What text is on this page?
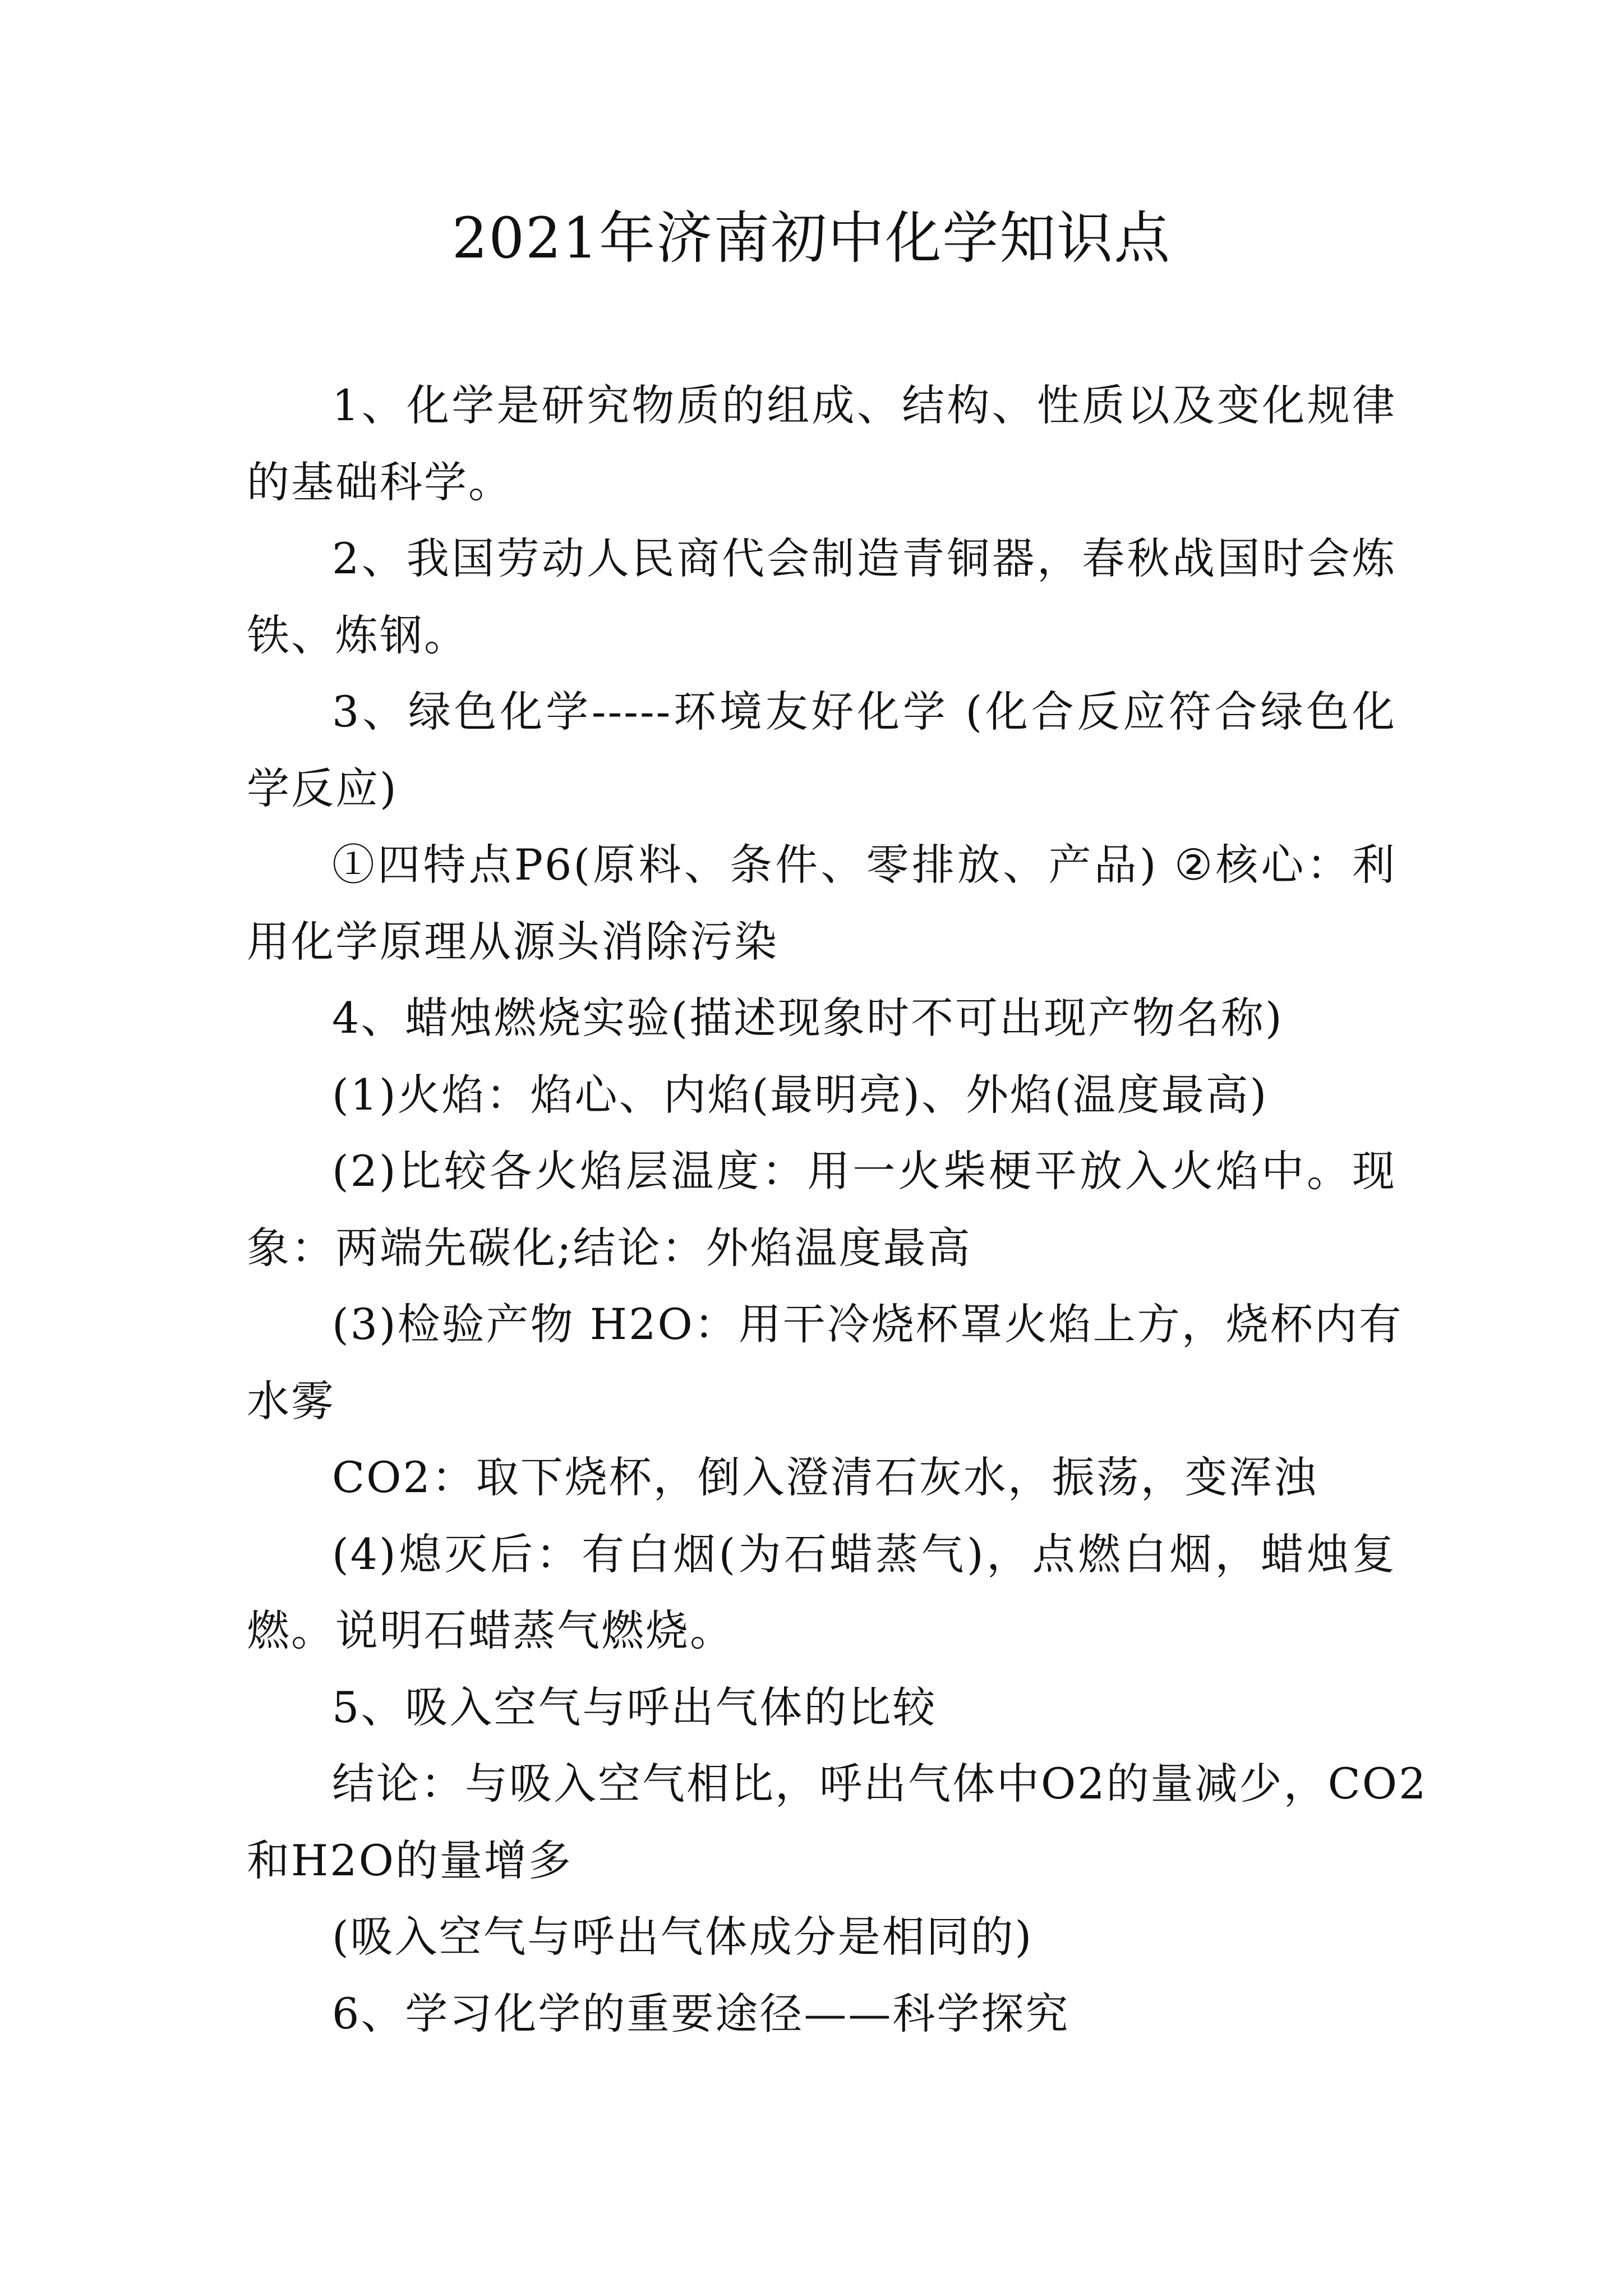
2021年济南初中化学知识点
1、化学是研究物质的组成、结构、性质以及变化规律
的基础科学。
2、我国劳动人民商代会制造青铜器，春秋战国时会炼
铁、炼钢。
3、绿色化学-----环境友好化学 (化合反应符合绿色化
学反应)
①四特点P6(原料、条件、零排放、产品) ②核心：利
用化学原理从源头消除污染
4、蜡烛燃烧实验(描述现象时不可出现产物名称)
(1)火焰：焰心、内焰(最明亮)、外焰(温度最高)
(2)比较各火焰层温度：用一火柴梗平放入火焰中。现
象：两端先碳化;结论：外焰温度最高
(3)检验产物 H2O：用干冷烧杯罩火焰上方，烧杯内有
水雾
CO2：取下烧杯，倒入澄清石灰水，振荡，变浑浊
(4)熄灭后：有白烟(为石蜡蒸气)，点燃白烟，蜡烛复
燃。说明石蜡蒸气燃烧。
5、吸入空气与呼出气体的比较
结论：与吸入空气相比，呼出气体中O2的量减少，CO2
和H2O的量增多
(吸入空气与呼出气体成分是相同的)
6、学习化学的重要途径——科学探究
